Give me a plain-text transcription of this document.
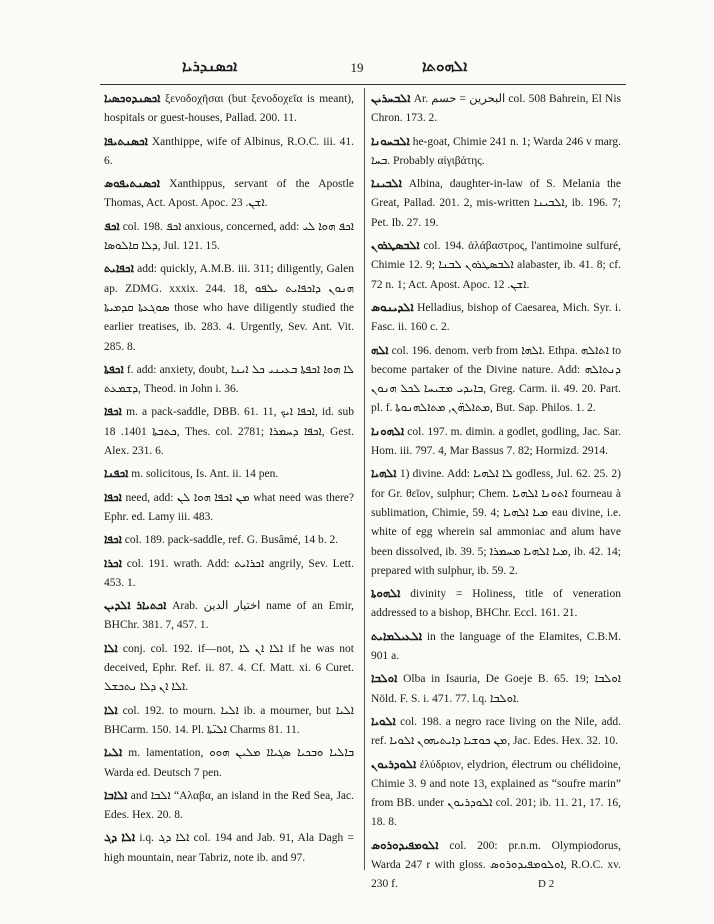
ܐܠܗܘܬܐ
19
ܐܟܣܢܕܪܝܐ

ܐܟܣܢܕܘܟܣܝܐ ξενοδοχῆσαι (but ξενοδοχεῖα is meant), hospitals or guest-houses, Pallad. 200. 11.

ܐܟܣܢܬܝܦܐ Xanthippe, wife of Albinus, R.O.C. iii. 41. 6.

ܐܟܣܢܬܝܦܘܣ Xanthippus, servant of the Apostle Thomas, Act. Apost. Apoc. ܐܫܢ. 23.

ܐܟܦ col. 198. ܐܟܦ anxious, concerned, add: ܐܟܦ ܗܘܐ ܠܝ ܕܠܐ ܩܐܠܘܣܐ, Jul. 121. 15.

ܐܟܦܐܝܬ add: quickly, A.M.B. iii. 311; diligently, Galen ap. ZDMG. xxxix. 244. 18, ܗܢܘܢ ܕܐܟܦܐܝܬ ܝܠܦܘ ܣܘܓܥܬܐ ܩܕܡܝܬܐ those who have diligently studied the earlier treatises, ib. 283. 4. Urgently, Sev. Ant. Vit. 285. 8.

ܐܟܦܬܐ f. add: anxiety, doubt, ܠܐ ܗܘܐ ܐܟܦܬܐ ܒܥܝܢܝ ܟܠ ܐܝܢܐ ܕܫܡܥܬ, Theod. in John i. 36.

ܐܟܦܐ m. a pack-saddle, DBB. 61. 11, ܐܟܦܐ ܐܝܟ, id. sub ܟܬܒܬܐ 1401. 18, Thes. col. 2781; ܐܟܦܐ ܕܚܡܪܐ, Gest. Alex. 231. 6.

ܐܟܦܢܐ m. solicitous, Is. Ant. ii. 14 pen.

ܐܟܦܐ need, add: ܡܢ ܐܟܦܐ ܗܘܐ ܠܢ what need was there? Ephr. ed. Lamy iii. 483.

ܐܟܦܐ col. 189. pack-saddle, ref. G. Busâmé, 14 b. 2.

ܐܟܪܐ col. 191. wrath. Add: ܐܟܪܐܝܬ angrily, Sev. Lett. 453. 1.

ܐܟܬܝܐܪ ܐܠܕܝܢ Arab. اختيار الدين name of an Emir, BHChr. 381. 7, 457. 1.

ܐܠܐ conj. col. 192. if—not, ܐܠܐ ܐܢ ܠܐ if he was not deceived, Ephr. Ref. ii. 87. 4. Cf. Matt. xi. 6 Curet. ܐܠܐ ܐܢ ܕܠܐ ܢܬܟܫܠ.

ܐܠܐ col. 192. to mourn. ܐܠܝܐ ib. a mourner, but ܐܠܝܐ BHCarm. 150. 14. Pl. ܐܠܝ̈ܬܐ Charms 81. 11.

ܐܠܝܐ m. lamentation, ܒܐܠܝܐ ܘܒܟܝܐ ܣܓܝܐܐ ܡܠܝܢ ܗܘܘ Warda ed. Deutsch 7 pen.

ܐܠܐܒܐ and ܐܠܒܐ “Αλαβα, an island in the Red Sea, Jac. Edes. Hex. 20. 8.

ܐܠܐ ܕܓ i.q. ܐܠܐ ܕܓ col. 194 and Jab. 91, Ala Dagh = high mountain, near Tabriz, note ib. and 97.

ܐܠܒܚܪܝܢ Ar. البحرين = حسم col. 508 Bahrein, El Nis Chron. 173. 2.

ܐܠܒܚܘܢܐ he-goat, Chimie 241 n. 1; Warda 246 v marg. ܒܚܐ. Probably αἰγιβάτης.

ܐܠܒܝܢܐ Albina, daughter-in-law of S. Melania the Great, Pallad. 201. 2, mis-written ܐܠܒܝܢܐ, ib. 196. 7; Pet. Ib. 27. 19.

ܐܠܒܣܛܪܘܢ col. 194. ἀλάβαστρος, l'antimoine sulfuré, Chimie 12. 9; ܐܠܒܣܛܪܘܢ ܠܒܢܐ alabaster, ib. 41. 8; cf. 72 n. 1; Act. Apost. Apoc. ܐܫܢ. 12.

ܐܠܕܝܢܘܣ Helladius, bishop of Caesarea, Mich. Syr. i. Fasc. ii. 160 c. 2.

ܐܠܗ col. 196. denom. verb from ܐܠܗܐ. Ethpa. ܐܬܐܠܗ to become partaker of the Divine nature. Add: ܕܢܬܐܠܗ ܒܐܝܕܝ ܡܫܝܚܐ ܠܟܠ ܗܢܘܢ, Greg. Carm. ii. 49. 20. Part. pl. f. ܡܬܐܠܗ̈ܢ, ܡܬܐܠܗܢܘܬܐ, But. Sap. Philos. 1. 2.

ܐܠܗܘܢܐ col. 197. m. dimin. a godlet, godling, Jac. Sar. Hom. iii. 797. 4, Mar Bassus 7. 82; Hormizd. 2914.

ܐܠܗܝܐ 1) divine. Add: ܠܐ ܐܠܗܝܐ godless, Jul. 62. 25. 2) for Gr. θεῖον, sulphur; Chem. ܐܬܘܢܐ ܐܠܗܝܐ fourneau à sublimation, Chimie, 59. 4; ܡܝܐ ܐܠܗܝܐ eau divine, i.e. white of egg wherein sal ammoniac and alum have been dissolved, ib. 39. 5; ܡܝܐ ܐܠܗܝܐ ܡܚܡܪܐ, ib. 42. 14; prepared with sulphur, ib. 59. 2.

ܐܠܗܘܬܐ divinity = Holiness, title of veneration addressed to a bishop, BHChr. Eccl. 161. 21.

ܐܠܥܝܠܡܐܝܬ in the language of the Elamites, C.B.M. 901 a.

ܐܘܠܒܐ Olba in Isauria, De Goeje B. 65. 19; ܐܘܠܒܐ Nöld. F. S. i. 471. 77. l.q. ܐܘܠܒܐ.

ܐܠܘܝܐ col. 198. a negro race living on the Nile, add. ref. ܡܢ ܟܘܫܝܐ ܕܐܝܬܝܗܘܢ ܐܠܘܝܐ, Jac. Edes. Hex. 32. 10.

ܐܠܘܕܪܝܘܢ ἐλύδριον, elydrion, électrum ou chélidoine, Chimie 3. 9 and note 13, explained as “soufre marin” from BB. under ܐܠܘܕܪܝܘܢ col. 201; ib. 11. 21, 17. 16, 18. 8.

ܐܠܘܡܦܝܕܘܪܘܣ col. 200: pr.n.m. Olympiodorus, Warda 247 r with gloss. ܐܘܠܘܡܦܝܕܘܪܘܣ, R.O.C. xv. 230 f.	D 2
